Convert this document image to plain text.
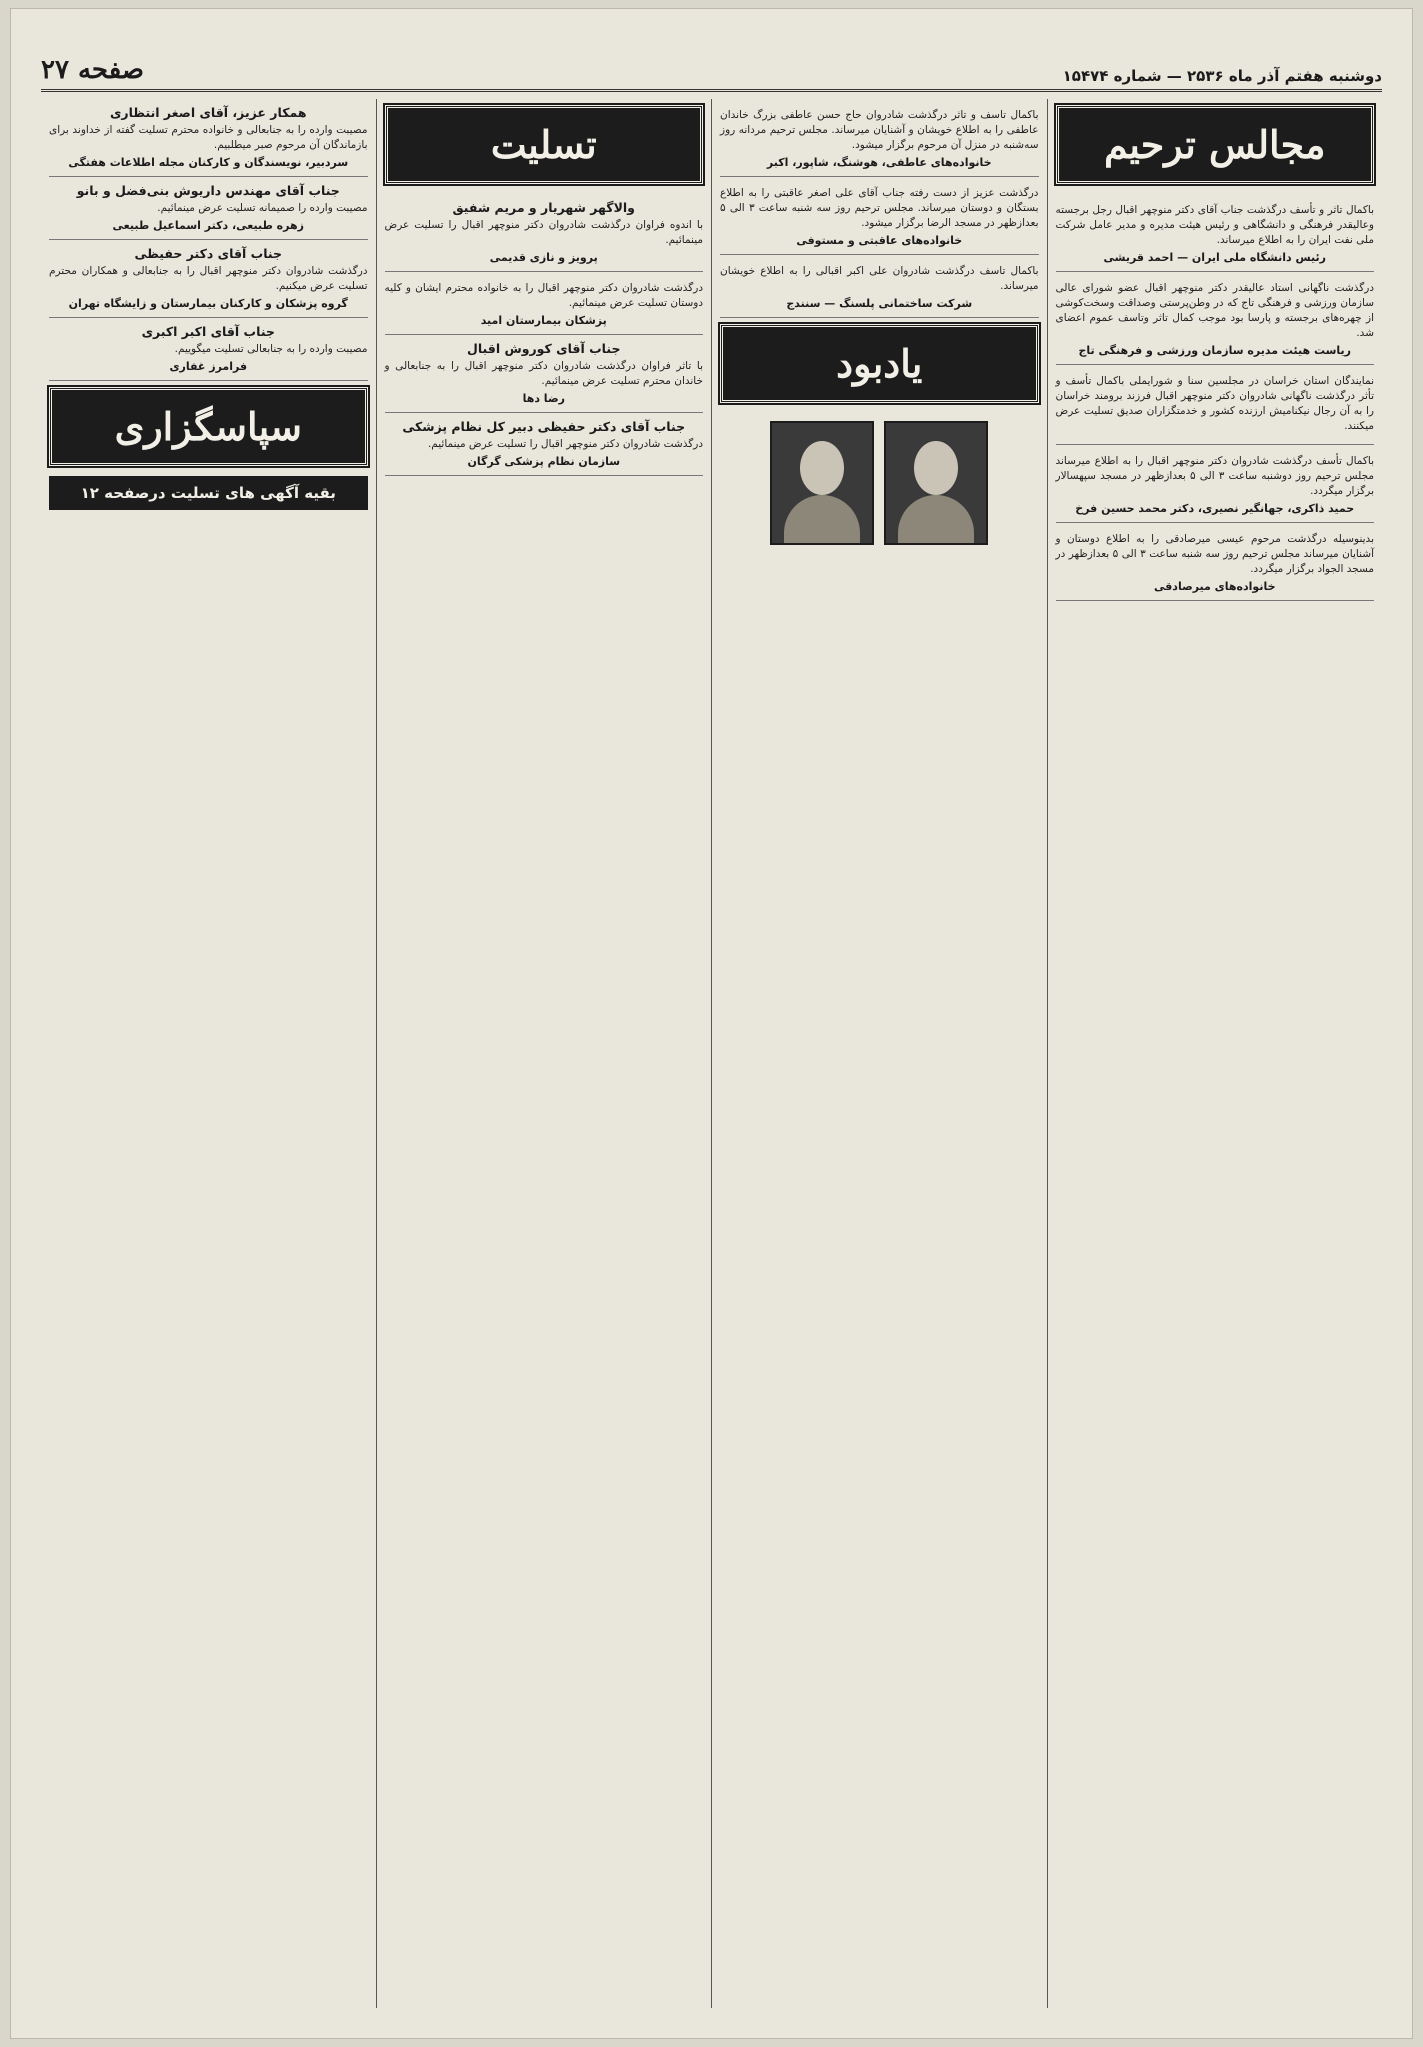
دوشنبه هفتم آذر ماه ۲۵۳۶ — شماره ۱۵۴۷۴
صفحه ۲۷
مجالس ترحیم

باکمال تاثر و تأسف درگذشت جناب آقای دکتر منوچهر اقبال رجل برجسته وعالیقدر فرهنگی و دانشگاهی و رئیس هیئت مدیره و مدیر عامل شرکت ملی نفت ایران را به اطلاع میرساند.

رئیس دانشگاه ملی ایران — احمد قریشی

درگذشت ناگهانی استاد عالیقدر دکتر منوچهر اقبال عضو شورای عالی سازمان ورزشی و فرهنگی تاج که در وطن‌پرستی وصداقت وسخت‌کوشی از چهره‌های برجسته و پارسا بود موجب کمال تاثر وتاسف عموم اعضای شد.

ریاست هیئت مدیره سازمان ورزشی و فرهنگی تاج

نمایندگان استان خراسان در مجلسین سنا و شورایملی باکمال تأسف و تأثر درگذشت ناگهانی شادروان دکتر منوچهر اقبال فرزند برومند خراسان را به آن رجال نیکنامیش ارزنده کشور و خدمتگزاران صدیق تسلیت عرض میکنند.

باکمال تأسف درگذشت شادروان دکتر منوچهر اقبال را به اطلاع میرساند مجلس ترحیم روز دوشنبه ساعت ۳ الی ۵ بعدازظهر در مسجد سپهسالار برگزار میگردد.

حمید ذاکری، جهانگیر نصیری، دکتر محمد حسین فرخ

بدینوسیله درگذشت مرحوم عیسی میرصادقی را به اطلاع دوستان و آشنایان میرساند مجلس ترحیم روز سه شنبه ساعت ۳ الی ۵ بعدازظهر در مسجد الجواد برگزار میگردد.

خانواده‌های میرصادقی

باکمال تاسف و تاثر درگذشت شادروان حاج حسن عاطفی بزرگ خاندان عاطفی را به اطلاع خویشان و آشنایان میرساند. مجلس ترحیم مردانه روز سه‌شنبه در منزل آن مرحوم برگزار میشود.

خانواده‌های عاطفی، هوشنگ، شاپور، اکبر

درگذشت عزیز از دست رفته جناب آقای علی اصغر عاقبتی را به اطلاع بستگان و دوستان میرساند. مجلس ترحیم روز سه شنبه ساعت ۳ الی ۵ بعدازظهر در مسجد الرضا برگزار میشود.

خانواده‌های عاقبتی و مستوفی

باکمال تاسف درگذشت شادروان علی اکبر اقبالی را به اطلاع خویشان میرساند.

شرکت ساختمانی پلسنگ — سنندج
یادبود
تسلیت
والاگهر شهریار و مریم شفیق

با اندوه فراوان درگذشت شادروان دکتر منوچهر اقبال را تسلیت عرض مینمائیم.

پرویز و نازی قدیمی

درگذشت شادروان دکتر منوچهر اقبال را به خانواده محترم ایشان و کلیه دوستان تسلیت عرض مینمائیم.

پزشکان بیمارستان امید
جناب آقای کوروش اقبال

با تاثر فراوان درگذشت شادروان دکتر منوچهر اقبال را به جنابعالی و خاندان محترم تسلیت عرض مینمائیم.

رضا دها
جناب آقای دکتر حفیظی دبیر کل نظام پزشکی

درگذشت شادروان دکتر منوچهر اقبال را تسلیت عرض مینمائیم.

سازمان نظام پزشکی گرگان
همکار عزیز، آقای اصغر انتظاری

مصیبت وارده را به جنابعالی و خانواده محترم تسلیت گفته از خداوند برای بازماندگان آن مرحوم صبر میطلبیم.

سردبیر، نویسندگان و کارکنان مجله اطلاعات هفتگی
جناب آقای مهندس داریوش بنی‌فضل و بانو

مصیبت وارده را صمیمانه تسلیت عرض مینمائیم.

زهره طبیعی، دکتر اسماعیل طبیعی
جناب آقای دکتر حفیظی

درگذشت شادروان دکتر منوچهر اقبال را به جنابعالی و همکاران محترم تسلیت عرض میکنیم.

گروه پزشکان و کارکنان بیمارستان و زایشگاه تهران
جناب آقای اکبر اکبری

مصیبت وارده را به جنابعالی تسلیت میگوییم.

فرامرز غفاری
سپاسگزاری
بقیه آگهی های تسلیت درصفحه ۱۲
